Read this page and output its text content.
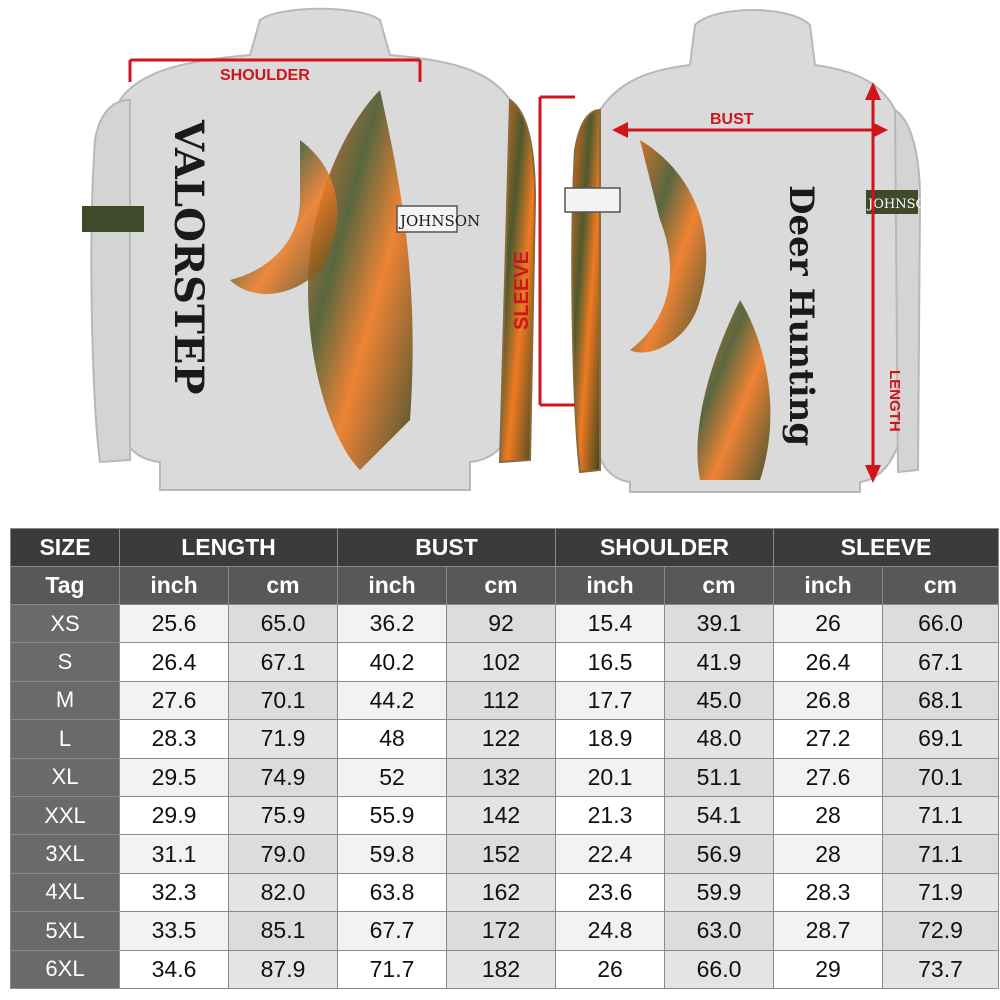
VALORSTEP	JOHNSON
SHOULDER
Deer Hunting	JOHNSON
BUST
SLEEVE
LENGTH
SIZE	LENGTH		BUST		SHOULDER		SLEEVE	
Tag	inch	cm	inch	cm	inch	cm	inch	cm
XS	25.6	65.0	36.2	92	15.4	39.1	26	66.0
S	26.4	67.1	40.2	102	16.5	41.9	26.4	67.1
M	27.6	70.1	44.2	112	17.7	45.0	26.8	68.1
L	28.3	71.9	48	122	18.9	48.0	27.2	69.1
XL	29.5	74.9	52	132	20.1	51.1	27.6	70.1
XXL	29.9	75.9	55.9	142	21.3	54.1	28	71.1
3XL	31.1	79.0	59.8	152	22.4	56.9	28	71.1
4XL	32.3	82.0	63.8	162	23.6	59.9	28.3	71.9
5XL	33.5	85.1	67.7	172	24.8	63.0	28.7	72.9
6XL	34.6	87.9	71.7	182	26	66.0	29	73.7
